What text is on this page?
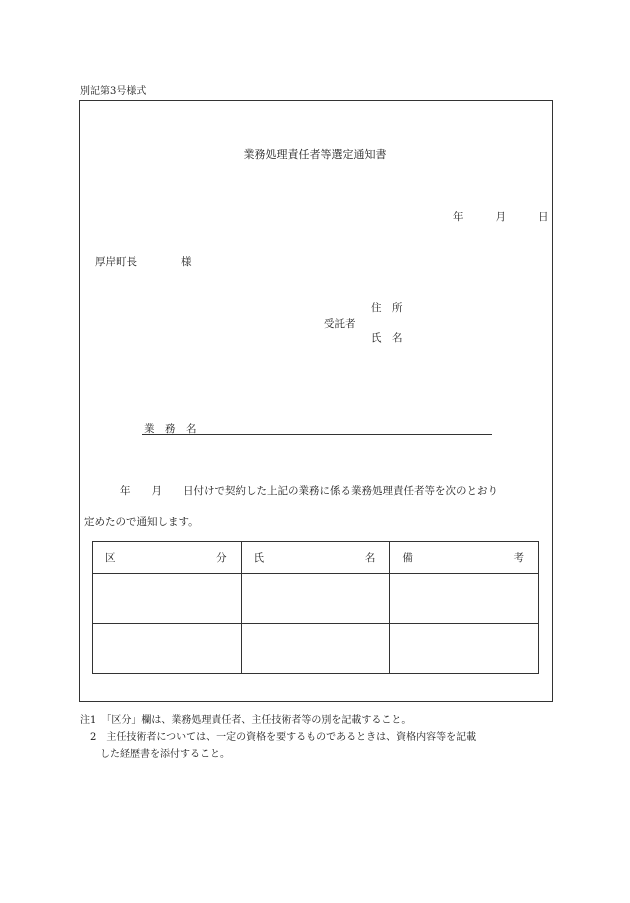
別記第3号様式
業務処理責任者等選定通知書
年	月	日
厚岸町長	様
受託者
住　所
氏　名
業　務　名
年　　月　　日付けで契約した上記の業務に係る業務処理責任者等を次のとおり
定めたので通知します。
区 分	氏 名	備 考

注1　「区分」欄は、業務処理責任者、主任技術者等の別を記載すること。
2　主任技術者については、一定の資格を要するものであるときは、資格内容等を記載
した経歴書を添付すること。
